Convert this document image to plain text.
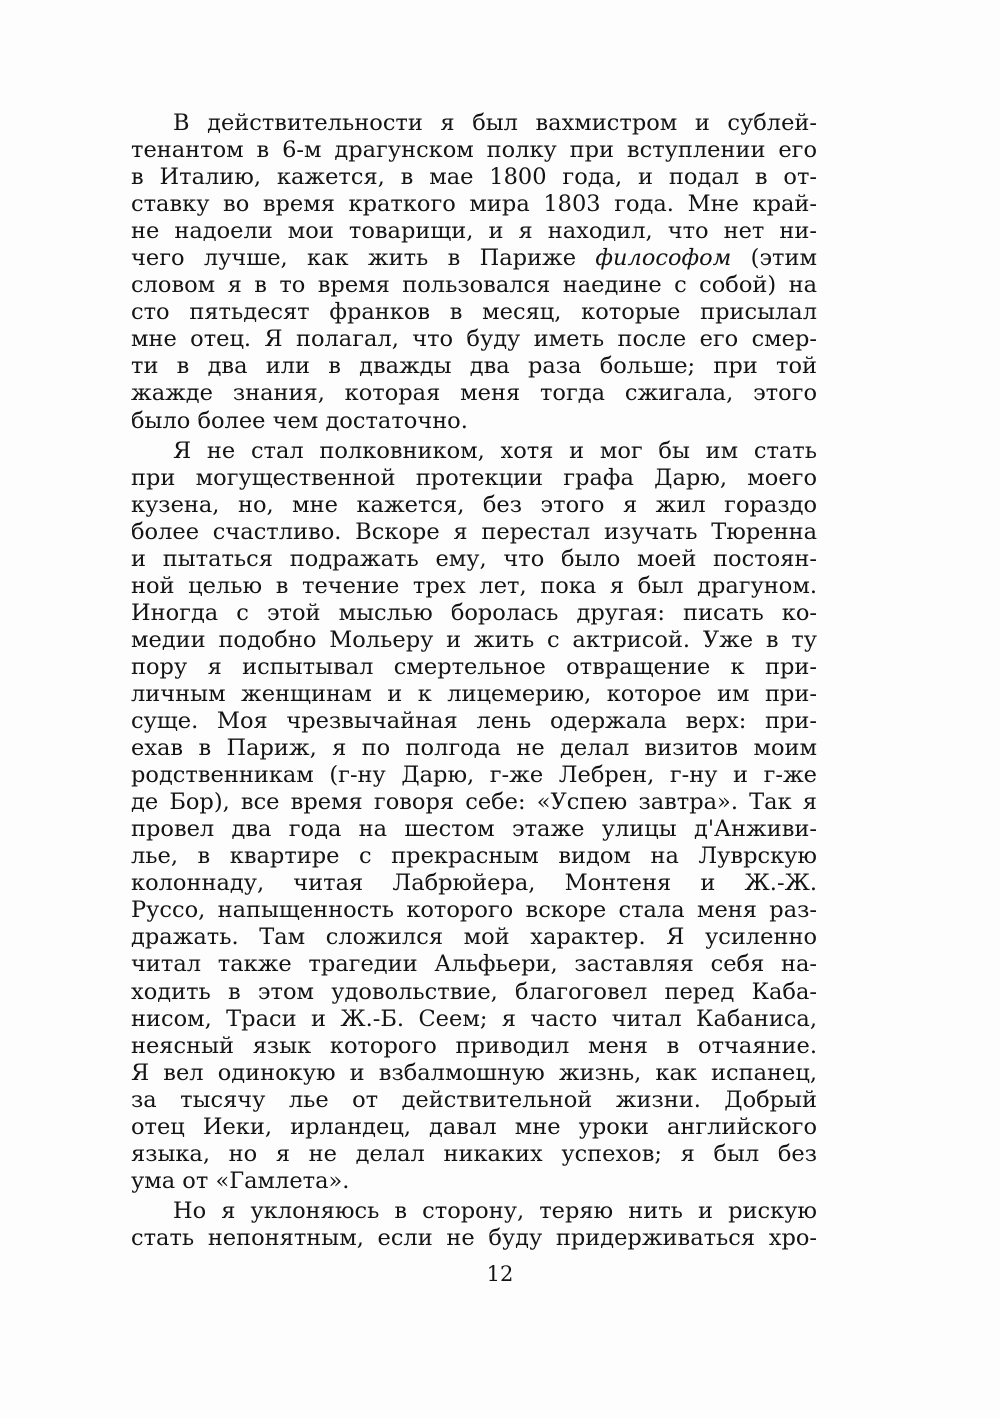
В действительности я был вахмистром и сублей-
тенантом в 6-м драгунском полку при вступлении его
в Италию, кажется, в мае 1800 года, и подал в от-
ставку во время краткого мира 1803 года. Мне край-
не надоели мои товарищи, и я находил, что нет ни-
чего лучше, как жить в Париже философом (этим
словом я в то время пользовался наедине с собой) на
сто пятьдесят франков в месяц, которые присылал
мне отец. Я полагал, что буду иметь после его смер-
ти в два или в дважды два раза больше; при той
жажде знания, которая меня тогда сжигала, этого
было более чем достаточно.
Я не стал полковником, хотя и мог бы им стать
при могущественной протекции графа Дарю, моего
кузена, но, мне кажется, без этого я жил гораздо
более счастливо. Вскоре я перестал изучать Тюренна
и пытаться подражать ему, что было моей постоян-
ной целью в течение трех лет, пока я был драгуном.
Иногда с этой мыслью боролась другая: писать ко-
медии подобно Мольеру и жить с актрисой. Уже в ту
пору я испытывал смертельное отвращение к при-
личным женщинам и к лицемерию, которое им при-
суще. Моя чрезвычайная лень одержала верх: при-
ехав в Париж, я по полгода не делал визитов моим
родственникам (г-ну Дарю, г-же Лебрен, г-ну и г-же
де Бор), все время говоря себе: «Успею завтра». Так я
провел два года на шестом этаже улицы д'Анживи-
лье, в квартире с прекрасным видом на Луврскую
колоннаду, читая Лабрюйера, Монтеня и Ж.-Ж.
Руссо, напыщенность которого вскоре стала меня раз-
дражать. Там сложился мой характер. Я усиленно
читал также трагедии Альфьери, заставляя себя на-
ходить в этом удовольствие, благоговел перед Каба-
нисом, Траси и Ж.-Б. Сеем; я часто читал Кабаниса,
неясный язык которого приводил меня в отчаяние.
Я вел одинокую и взбалмошную жизнь, как испанец,
за тысячу лье от действительной жизни. Добрый
отец Иеки, ирландец, давал мне уроки английского
языка, но я не делал никаких успехов; я был без
ума от «Гамлета».
Но я уклоняюсь в сторону, теряю нить и рискую
стать непонятным, если не буду придерживаться хро-
12
